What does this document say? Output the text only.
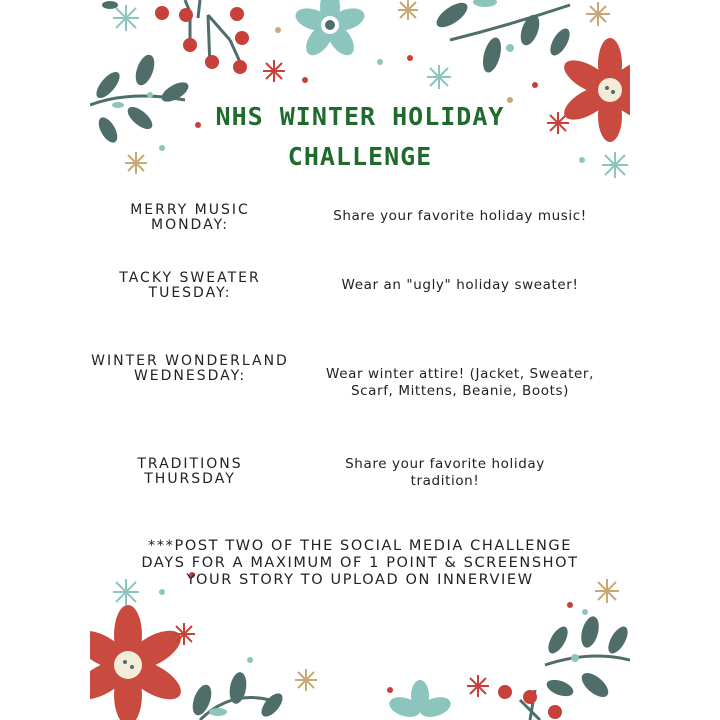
NHS WINTER HOLIDAY
CHALLENGE
MERRY MUSIC MONDAY:
Share your favorite holiday music!
TACKY SWEATER TUESDAY:	Wear an "ugly" holiday sweater!
WINTER WONDERLAND WEDNESDAY:	Wear winter attire! (Jacket, Sweater, Scarf, Mittens, Beanie, Boots)
TRADITIONS THURSDAY
Share your favorite holiday tradition!
***POST TWO OF THE SOCIAL MEDIA CHALLENGE DAYS FOR A MAXIMUM OF 1 POINT & SCREENSHOT YOUR STORY TO UPLOAD ON INNERVIEW
